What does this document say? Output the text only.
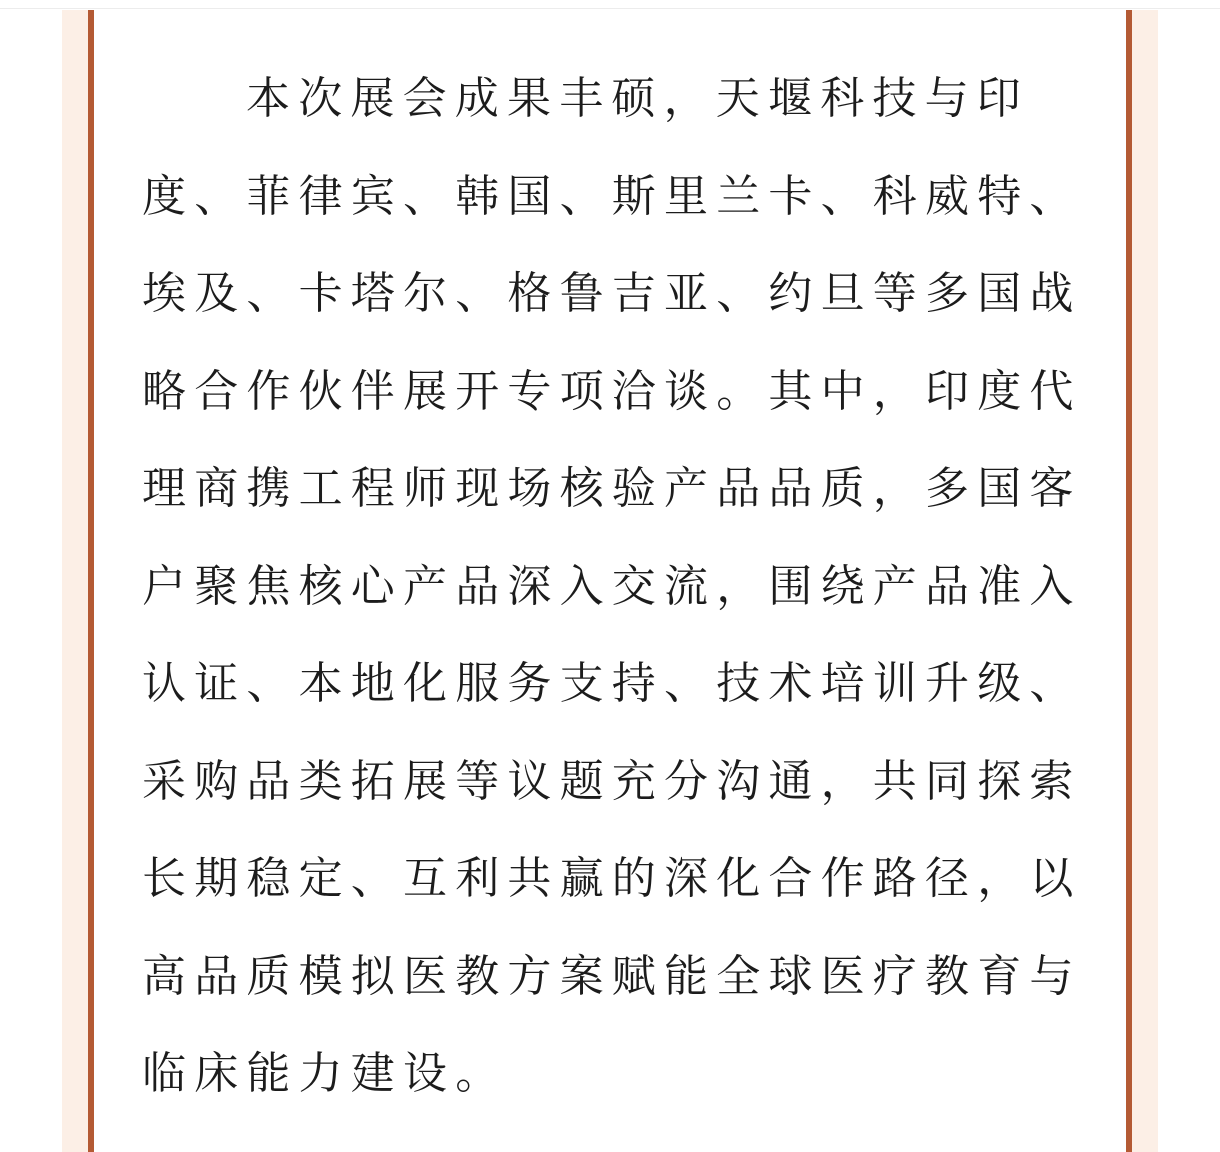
本次展会成果丰硕，天堰科技与印度、菲律宾、韩国、斯里兰卡、科威特、埃及、卡塔尔、格鲁吉亚、约旦等多国战略合作伙伴展开专项洽谈。其中，印度代理商携工程师现场核验产品品质，多国客户聚焦核心产品深入交流，围绕产品准入认证、本地化服务支持、技术培训升级、采购品类拓展等议题充分沟通，共同探索长期稳定、互利共赢的深化合作路径，以高品质模拟医教方案赋能全球医疗教育与临床能力建设。
